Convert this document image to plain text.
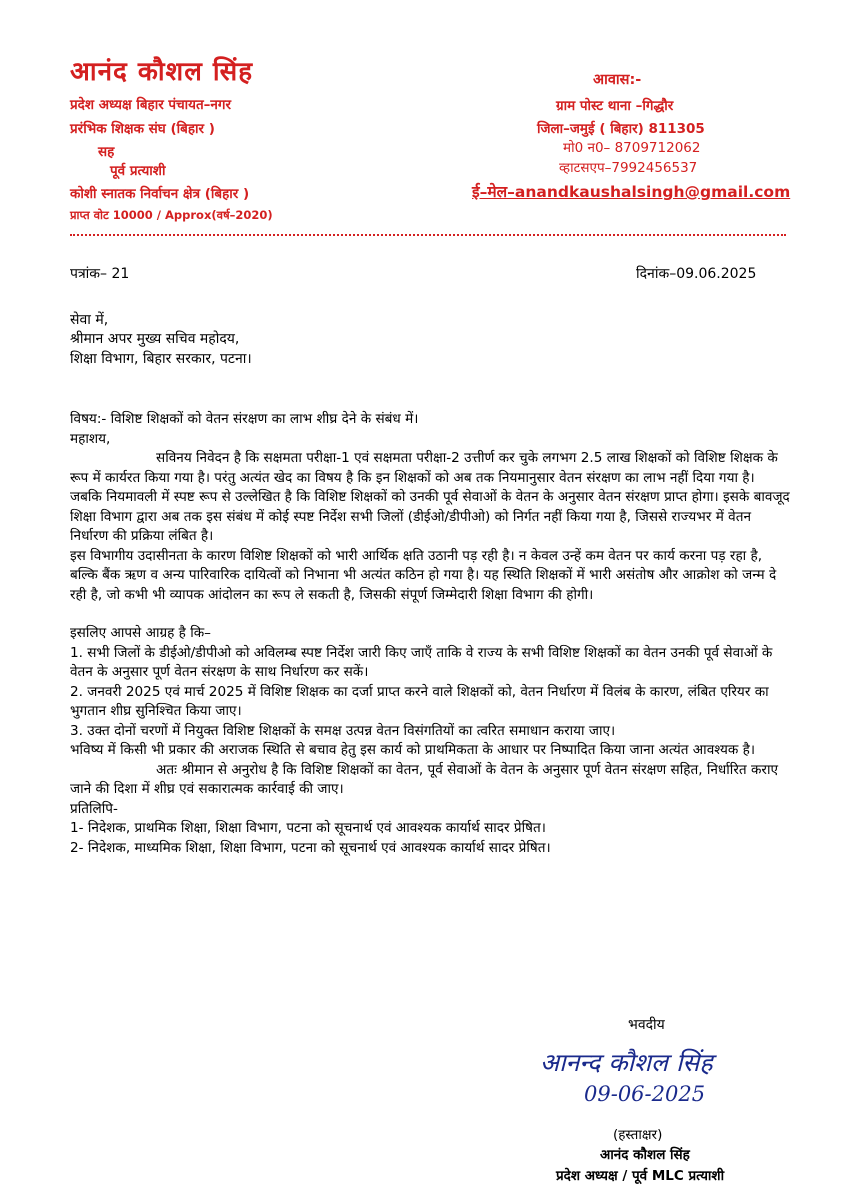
आनंद कौशल सिंह
प्रदेश अध्यक्ष बिहार पंचायत–नगर
प्ररंभिक शिक्षक संघ (बिहार )
सह
पूर्व प्रत्याशी
कोशी स्नातक निर्वाचन क्षेत्र (बिहार )
प्राप्त वोट 10000 / Approx(वर्ष–2020)
आवास:-
ग्राम पोस्ट थाना –गिद्धौर
जिला–जमुई ( बिहार) 811305
मो0 न0– 8709712062
व्हाटसएप–7992456537
ई–मेल–anandkaushalsingh@gmail.com
पत्रांक– 21	दिनांक–09.06.2025
सेवा में,
श्रीमान अपर मुख्य सचिव महोदय,
शिक्षा विभाग, बिहार सरकार, पटना।

विषय:- विशिष्ट शिक्षकों को वेतन संरक्षण का लाभ शीघ्र देने के संबंध में।

महाशय,

सविनय निवेदन है कि सक्षमता परीक्षा-1 एवं सक्षमता परीक्षा-2 उत्तीर्ण कर चुके लगभग 2.5 लाख शिक्षकों को विशिष्ट शिक्षक के रूप में कार्यरत किया गया है। परंतु अत्यंत खेद का विषय है कि इन शिक्षकों को अब तक नियमानुसार वेतन संरक्षण का लाभ नहीं दिया गया है।

जबकि नियमावली में स्पष्ट रूप से उल्लेखित है कि विशिष्ट शिक्षकों को उनकी पूर्व सेवाओं के वेतन के अनुसार वेतन संरक्षण प्राप्त होगा। इसके बावजूद शिक्षा विभाग द्वारा अब तक इस संबंध में कोई स्पष्ट निर्देश सभी जिलों (डीईओ/डीपीओ) को निर्गत नहीं किया गया है, जिससे राज्यभर में वेतन निर्धारण की प्रक्रिया लंबित है।

इस विभागीय उदासीनता के कारण विशिष्ट शिक्षकों को भारी आर्थिक क्षति उठानी पड़ रही है। न केवल उन्हें कम वेतन पर कार्य करना पड़ रहा है, बल्कि बैंक ऋण व अन्य पारिवारिक दायित्वों को निभाना भी अत्यंत कठिन हो गया है। यह स्थिति शिक्षकों में भारी असंतोष और आक्रोश को जन्म दे रही है, जो कभी भी व्यापक आंदोलन का रूप ले सकती है, जिसकी संपूर्ण जिम्मेदारी शिक्षा विभाग की होगी।

इसलिए आपसे आग्रह है कि–

1. सभी जिलों के डीईओ/डीपीओ को अविलम्ब स्पष्ट निर्देश जारी किए जाएँ ताकि वे राज्य के सभी विशिष्ट शिक्षकों का वेतन उनकी पूर्व सेवाओं के वेतन के अनुसार पूर्ण वेतन संरक्षण के साथ निर्धारण कर सकें।

2. जनवरी 2025 एवं मार्च 2025 में विशिष्ट शिक्षक का दर्जा प्राप्त करने वाले शिक्षकों को, वेतन निर्धारण में विलंब के कारण, लंबित एरियर का भुगतान शीघ्र सुनिश्चित किया जाए।

3. उक्त दोनों चरणों में नियुक्त विशिष्ट शिक्षकों के समक्ष उत्पन्न वेतन विसंगतियों का त्वरित समाधान कराया जाए।

भविष्य में किसी भी प्रकार की अराजक स्थिति से बचाव हेतु इस कार्य को प्राथमिकता के आधार पर निष्पादित किया जाना अत्यंत आवश्यक है।

अतः श्रीमान से अनुरोध है कि विशिष्ट शिक्षकों का वेतन, पूर्व सेवाओं के वेतन के अनुसार पूर्ण वेतन संरक्षण सहित, निर्धारित कराए जाने की दिशा में शीघ्र एवं सकारात्मक कार्रवाई की जाए।

प्रतिलिपि-

1- निदेशक, प्राथमिक शिक्षा, शिक्षा विभाग, पटना को सूचनार्थ एवं आवश्यक कार्यार्थ सादर प्रेषित।

2- निदेशक, माध्यमिक शिक्षा, शिक्षा विभाग, पटना को सूचनार्थ एवं आवश्यक कार्यार्थ सादर प्रेषित।

भवदीय
आनन्द कौशल सिंह
09-06-2025
(हस्ताक्षर)
आनंद कौशल सिंह
प्रदेश अध्यक्ष / पूर्व MLC प्रत्याशी
